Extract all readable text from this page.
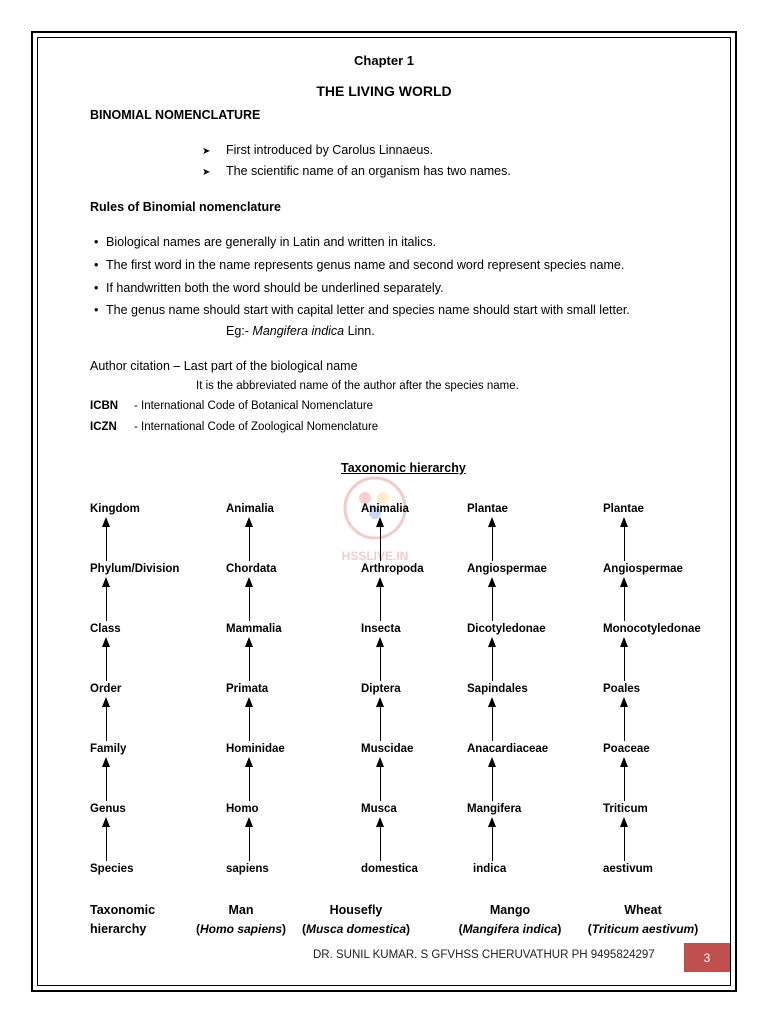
HSSLIVE.IN
Chapter 1
THE LIVING WORLD
BINOMIAL NOMENCLATURE
➤ First introduced by Carolus Linnaeus.
➤ The scientific name of an organism has two names.
Rules of Binomial nomenclature
• Biological names are generally in Latin and written in italics.
• The first word in the name represents genus name and second word represent species name.
• If handwritten both the word should be underlined separately.
• The genus name should start with capital letter and species name should start with small letter.
Eg:- Mangifera indica Linn.
Author citation – Last part of the biological name
It is the abbreviated name of the author after the species name.
ICBN - International Code of Botanical Nomenclature
ICZN - International Code of Zoological Nomenclature
Taxonomic hierarchy
Kingdom
Phylum/Division
Class
Order
Family
Genus
Species
Animalia
Chordata
Mammalia
Primata
Hominidae
Homo
sapiens
Man
(Homo sapiens)
Animalia
Arthropoda
Insecta
Diptera
Muscidae
Musca
domestica
Housefly
(Musca domestica)
Plantae
Angiospermae
Dicotyledonae
Sapindales
Anacardiaceae
Mangifera
indica
Mango
(Mangifera indica)
Plantae
Angiospermae
Monocotyledonae
Poales
Poaceae
Triticum
aestivum
Wheat
(Triticum aestivum)
Taxonomic
hierarchy
DR. SUNIL KUMAR. S GFVHSS CHERUVATHUR PH 9495824297	3
